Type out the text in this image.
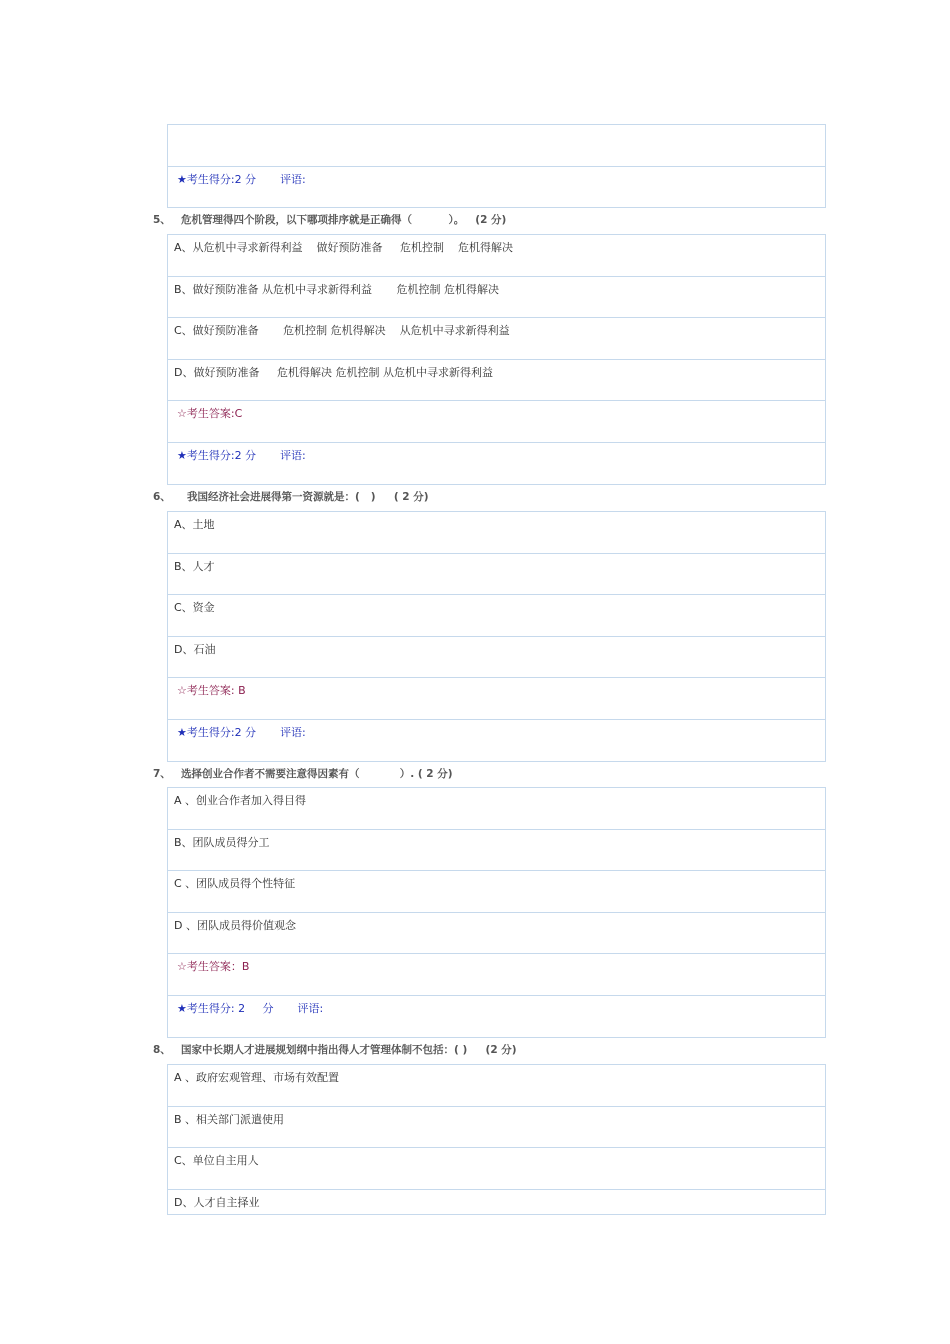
★考生得分:2 分 评语:
5、 危机管理得四个阶段，以下哪项排序就是正确得（          ）。   (2 分)
A、从危机中寻求新得利益    做好预防准备     危机控制    危机得解决
B、做好预防准备 从危机中寻求新得利益       危机控制 危机得解决
C、做好预防准备       危机控制 危机得解决    从危机中寻求新得利益
D、做好预防准备     危机得解决 危机控制 从危机中寻求新得利益
☆考生答案:C
★考生得分:2 分 评语:
6、 我国经济社会进展得第一资源就是：(   )     ( 2 分)
A、土地
B、人才
C、资金
D、石油
☆考生答案: B
★考生得分:2 分 评语:
7、 选择创业合作者不需要注意得因素有（           ）. ( 2 分)
A 、创业合作者加入得目得
B、团队成员得分工
C 、团队成员得个性特征
D 、团队成员得价值观念
☆考生答案：B
★考生得分: 2     分 评语:
8、 国家中长期人才进展规划纲中指出得人才管理体制不包括：( )     (2 分)
A 、政府宏观管理、市场有效配置
B 、相关部门派遣使用
C、单位自主用人
D、人才自主择业
